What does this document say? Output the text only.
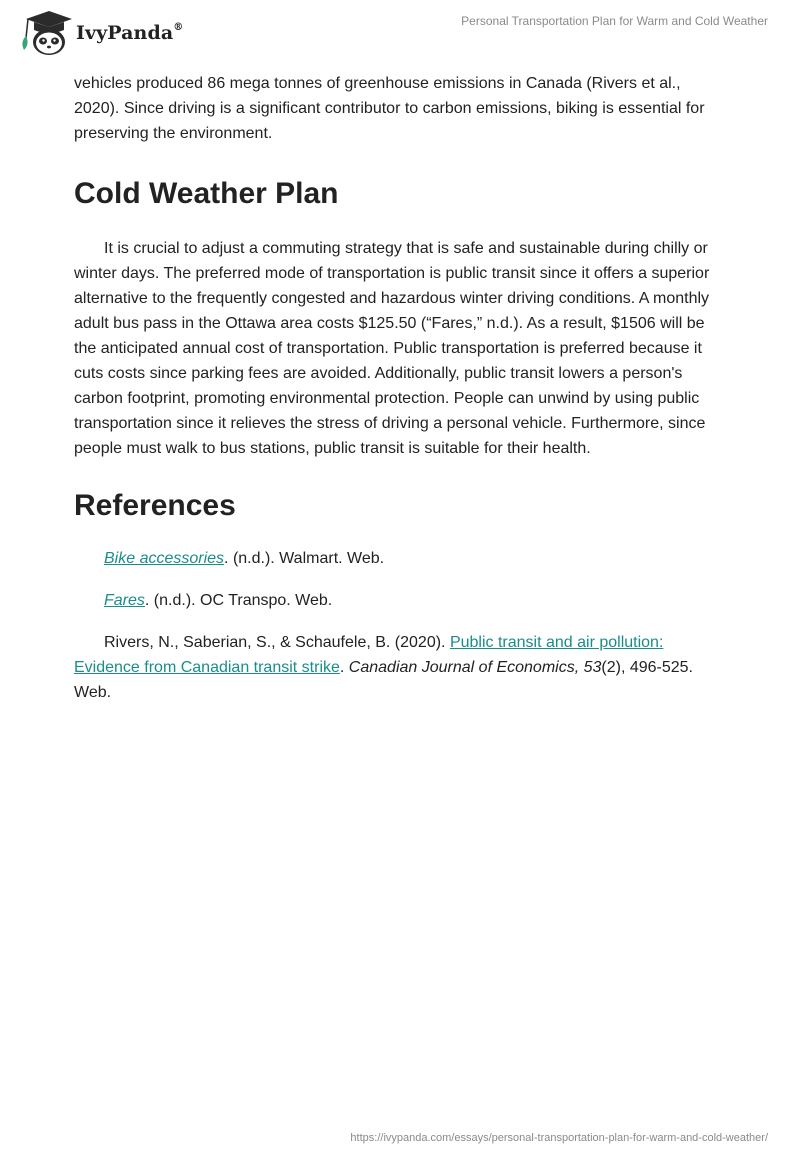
IvyPanda®	Personal Transportation Plan for Warm and Cold Weather

vehicles produced 86 mega tonnes of greenhouse emissions in Canada (Rivers et al., 2020). Since driving is a significant contributor to carbon emissions, biking is essential for preserving the environment.

Cold Weather Plan

It is crucial to adjust a commuting strategy that is safe and sustainable during chilly or winter days. The preferred mode of transportation is public transit since it offers a superior alternative to the frequently congested and hazardous winter driving conditions. A monthly adult bus pass in the Ottawa area costs $125.50 (“Fares,” n.d.). As a result, $1506 will be the anticipated annual cost of transportation. Public transportation is preferred because it cuts costs since parking fees are avoided. Additionally, public transit lowers a person's carbon footprint, promoting environmental protection. People can unwind by using public transportation since it relieves the stress of driving a personal vehicle. Furthermore, since people must walk to bus stations, public transit is suitable for their health.

References

Bike accessories. (n.d.). Walmart. Web.

Fares. (n.d.). OC Transpo. Web.

Rivers, N., Saberian, S., & Schaufele, B. (2020). Public transit and air pollution: Evidence from Canadian transit strike. Canadian Journal of Economics, 53(2), 496-525. Web.

https://ivypanda.com/essays/personal-transportation-plan-for-warm-and-cold-weather/
